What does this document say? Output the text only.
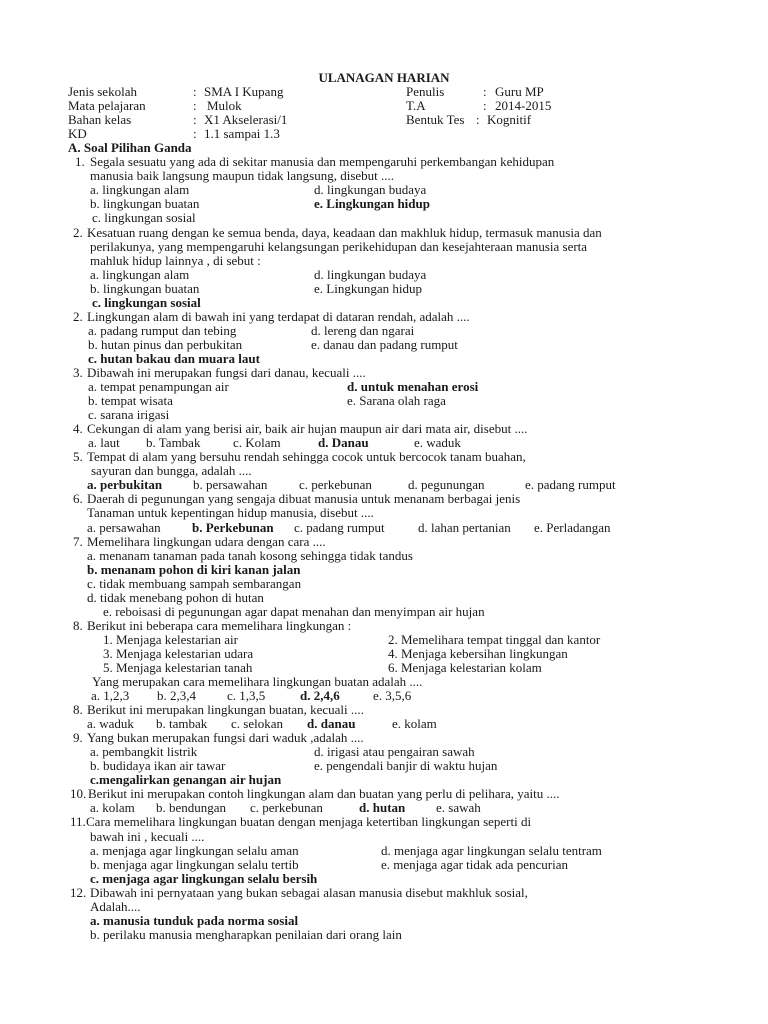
ULANAGAN HARIAN
Jenis sekolah	: SMA I Kupang	Penulis	: Guru MP
Mata pelajaran	: Mulok	T.A	: 2014-2015
Bahan kelas	: X1 Akselerasi/1	Bentuk Tes : Kognitif
KD	: 1.1 sampai 1.3
A. Soal Pilihan Ganda
1. Segala sesuatu yang ada di sekitar manusia dan mempengaruhi perkembangan kehidupan
manusia baik langsung maupun tidak langsung, disebut ....
a. lingkungan alam	d. lingkungan budaya
b. lingkungan buatan	e. Lingkungan hidup
c. lingkungan sosial
2. Kesatuan ruang dengan ke semua benda, daya, keadaan dan makhluk hidup, termasuk manusia dan
perilakunya, yang mempengaruhi kelangsungan perikehidupan dan kesejahteraan manusia serta
mahluk hidup lainnya , di sebut :
a. lingkungan alam	d. lingkungan budaya
b. lingkungan buatan	e. Lingkungan hidup
c. lingkungan sosial
2. Lingkungan alam di bawah ini yang terdapat di dataran rendah, adalah ....
a. padang rumput dan tebing	d. lereng dan ngarai
b. hutan pinus dan perbukitan	e. danau dan padang rumput
c. hutan bakau dan muara laut
3. Dibawah ini merupakan fungsi dari danau, kecuali ....
a. tempat penampungan air	d. untuk menahan erosi
b. tempat wisata	e. Sarana olah raga
c. sarana irigasi
4. Cekungan di alam yang berisi air, baik air hujan maupun air dari mata air, disebut ....
a. laut b. Tambak	c. Kolam	d. Danau	e. waduk
5. Tempat di alam yang bersuhu rendah sehingga cocok untuk bercocok tanam buahan,
sayuran dan bungga, adalah ....
a. perbukitan b. persawahan c. perkebunan	d. pegunungan	e. padang rumput
6. Daerah di pegunungan yang sengaja dibuat manusia untuk menanam berbagai jenis
Tanaman untuk kepentingan hidup manusia, disebut ....
a. persawahan b. Perkebunan c. padang rumput	d. lahan pertanian e. Perladangan
7. Memelihara lingkungan udara dengan cara ....
a. menanam tanaman pada tanah kosong sehingga tidak tandus
b. menanam pohon di kiri kanan jalan
c. tidak membuang sampah sembarangan
d. tidak menebang pohon di hutan
e. reboisasi di pegunungan agar dapat menahan dan menyimpan air hujan
8. Berikut ini beberapa cara memelihara lingkungan :
1. Menjaga kelestarian air	2. Memelihara tempat tinggal dan kantor
3. Menjaga kelestarian udara	4. Menjaga kebersihan lingkungan
5. Menjaga kelestarian tanah	6. Menjaga kelestarian kolam
Yang merupakan cara memelihara lingkungan buatan adalah ....
a. 1,2,3 b. 2,3,4 c. 1,3,5	d. 2,4,6	e. 3,5,6
8. Berikut ini merupakan lingkungan buatan, kecuali ....
a. waduk b. tambak c. selokan d. danau	e. kolam
9. Yang bukan merupakan fungsi dari waduk ,adalah ....
a. pembangkit listrik	d. irigasi atau pengairan sawah
b. budidaya ikan air tawar	e. pengendali banjir di waktu hujan
c.mengalirkan genangan air hujan
10. Berikut ini merupakan contoh lingkungan alam dan buatan yang perlu di pelihara, yaitu ....
a. kolam b. bendungan c. perkebunan	d. hutan e. sawah
11. Cara memelihara lingkungan buatan dengan menjaga ketertiban lingkungan seperti di
bawah ini , kecuali ....
a. menjaga agar lingkungan selalu aman	d. menjaga agar lingkungan selalu tentram
b. menjaga agar lingkungan selalu tertib	e. menjaga agar tidak ada pencurian
c. menjaga agar lingkungan selalu bersih
12. Dibawah ini pernyataan yang bukan sebagai alasan manusia disebut makhluk sosial,
Adalah....
a. manusia tunduk pada norma sosial
b. perilaku manusia mengharapkan penilaian dari orang lain
